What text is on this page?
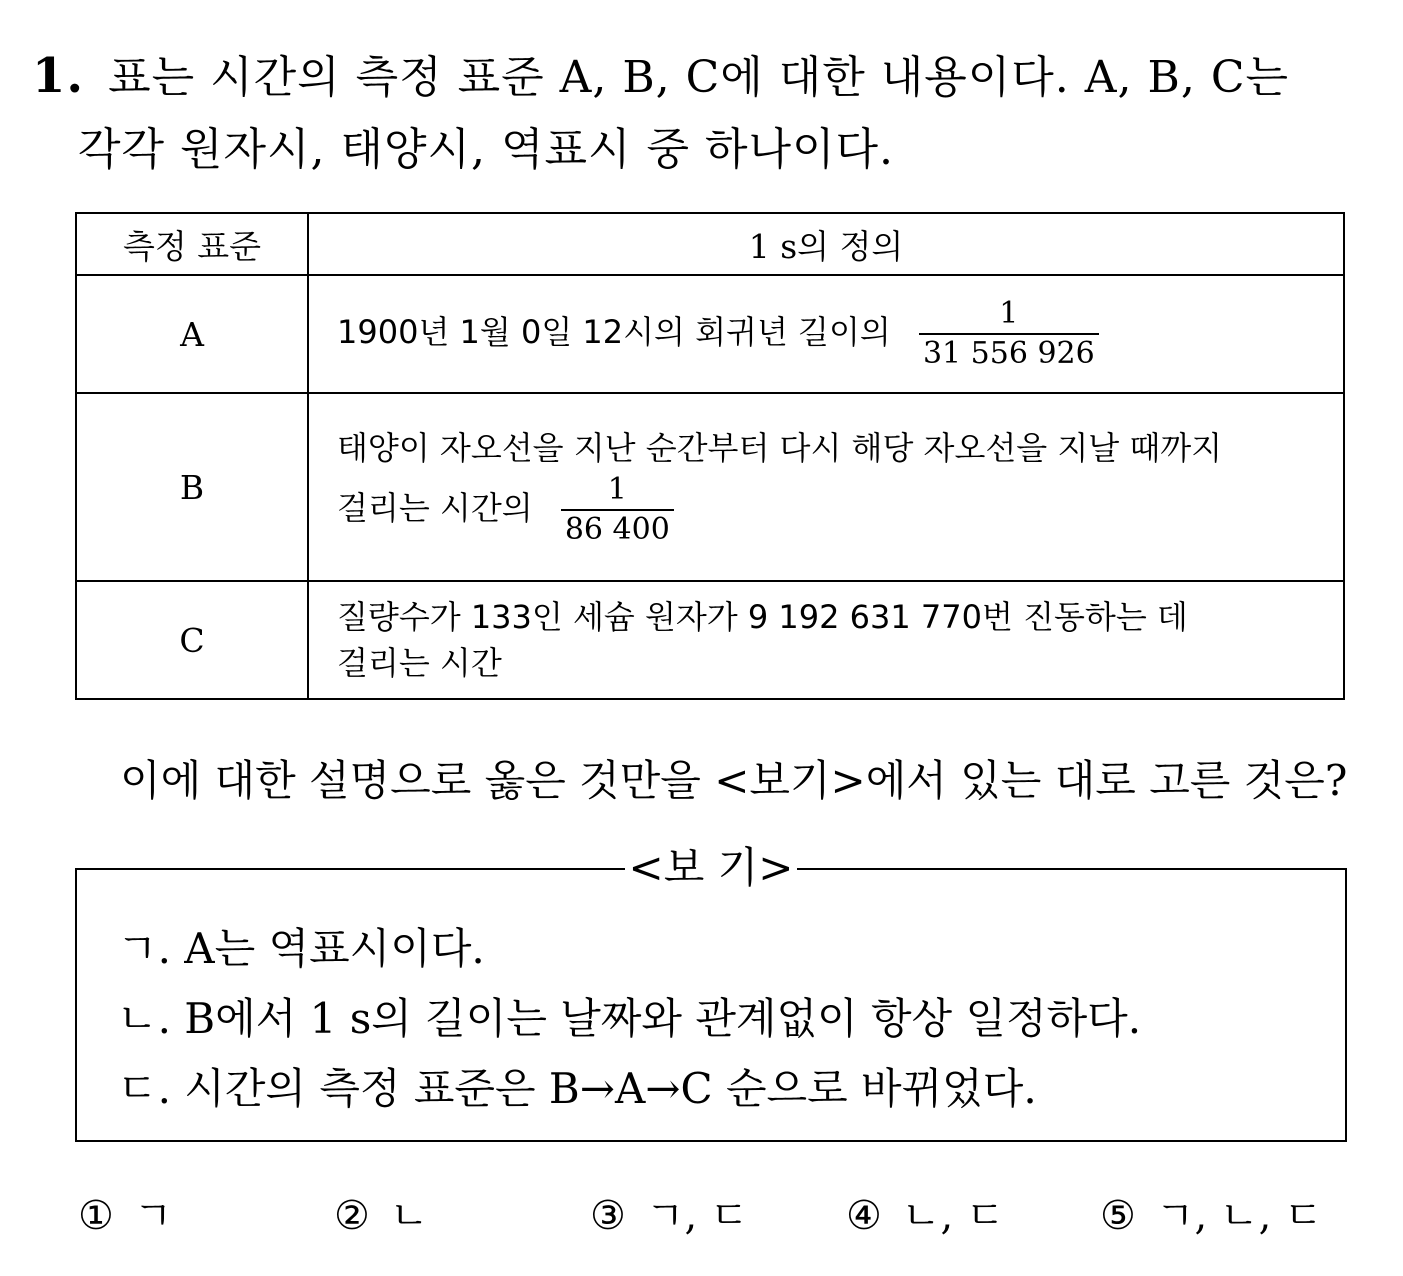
1. 표는 시간의 측정 표준 A, B, C에 대한 내용이다. A, B, C는
각각 원자시, 태양시, 역표시 중 하나이다.
측정 표준	1 s의 정의
A	1900년 1월 0일 12시의 회귀년 길이의 $\frac{1}{31 556 926}$

B	태양이 자오선을 지난 순간부터 다시 해당 자오선을 지날 때까지
걸리는 시간의 $\frac{1}{86 400}$

C	질량수가 133인 세슘 원자가 9 192 631 770번 진동하는 데
걸리는 시간
이에 대한 설명으로 옳은 것만을 <보기>에서 있는 대로 고른 것은?
<보 기>
ㄱ. A는 역표시이다.
ㄴ. B에서 1 s의 길이는 날짜와 관계없이 항상 일정하다.
ㄷ. 시간의 측정 표준은 B→A→C 순으로 바뀌었다.
① ㄱ	② ㄴ	③ ㄱ, ㄷ ④ ㄴ, ㄷ ⑤ ㄱ, ㄴ, ㄷ
